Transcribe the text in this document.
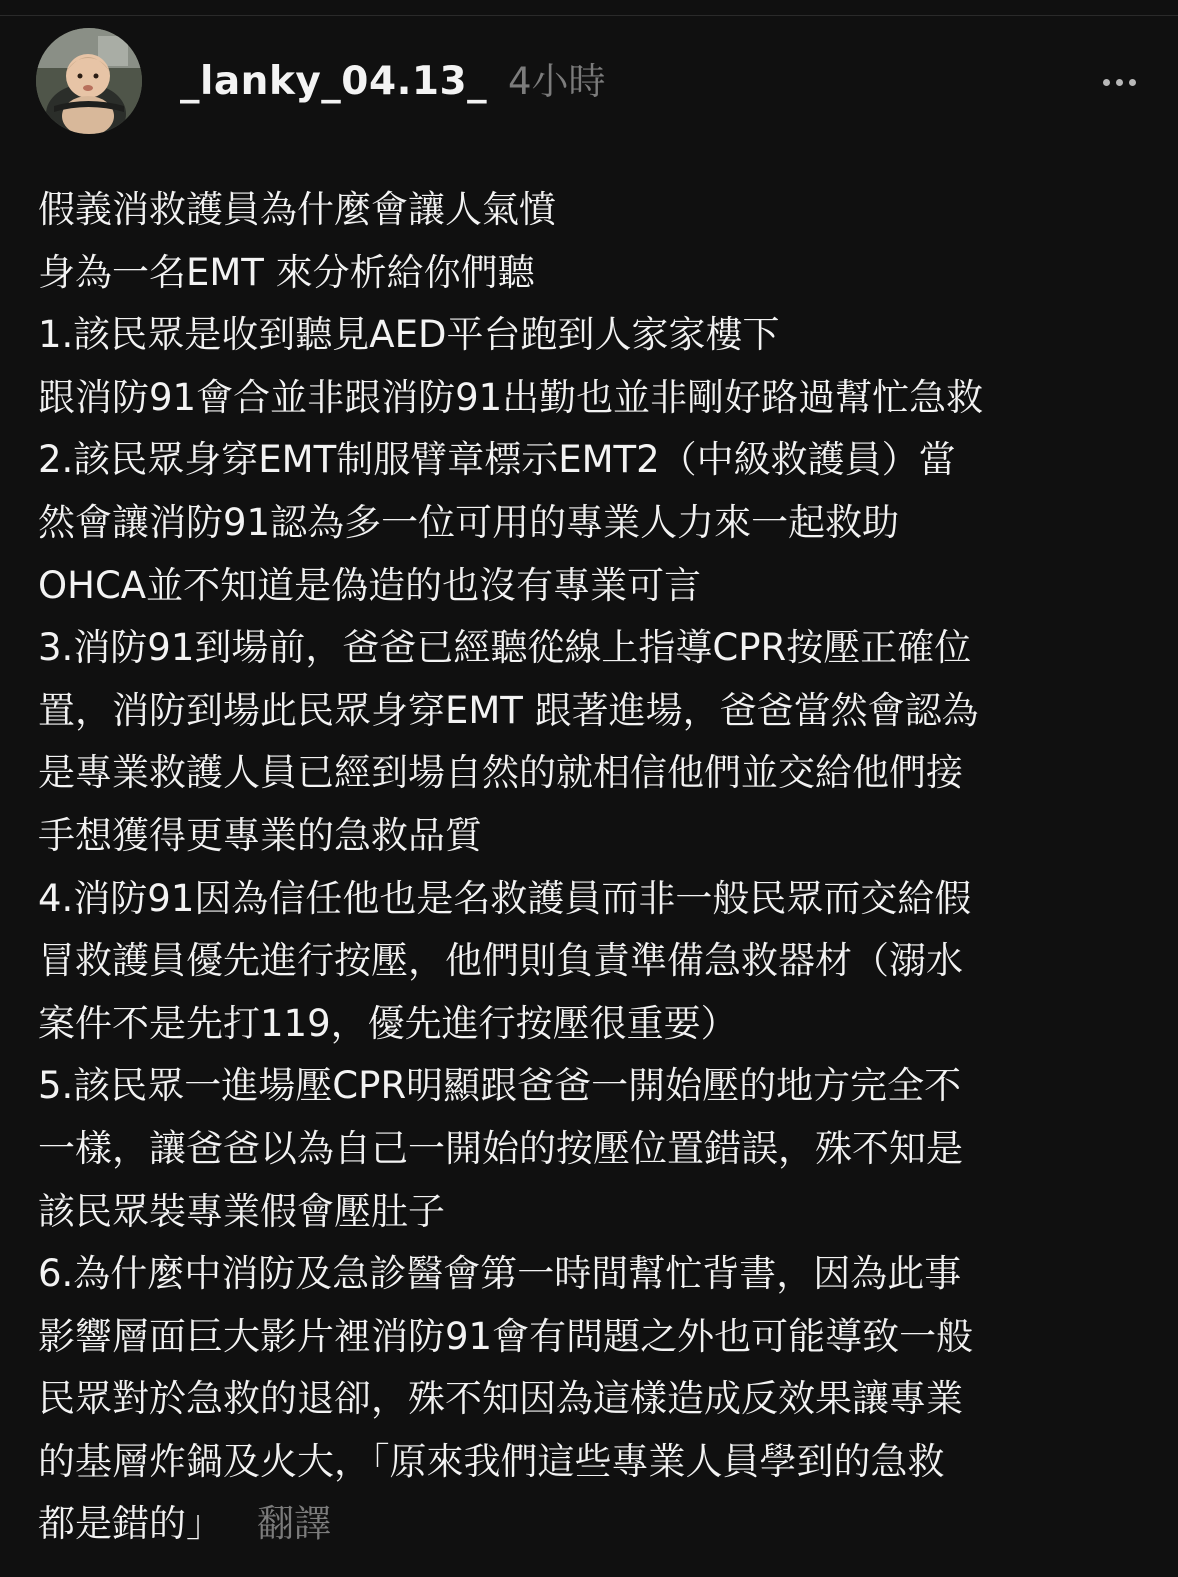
_lanky_04.13_ 4小時
假義消救護員為什麼會讓人氣憤
身為一名EMT 來分析給你們聽
1.該民眾是收到聽見AED平台跑到人家家樓下
跟消防91會合並非跟消防91出勤也並非剛好路過幫忙急救
2.該民眾身穿EMT制服臂章標示EMT2（中級救護員）當
然會讓消防91認為多一位可用的專業人力來一起救助
OHCA並不知道是偽造的也沒有專業可言
3.消防91到場前，爸爸已經聽從線上指導CPR按壓正確位
置，消防到場此民眾身穿EMT 跟著進場，爸爸當然會認為
是專業救護人員已經到場自然的就相信他們並交給他們接
手想獲得更專業的急救品質
4.消防91因為信任他也是名救護員而非一般民眾而交給假
冒救護員優先進行按壓，他們則負責準備急救器材（溺水
案件不是先打119，優先進行按壓很重要）
5.該民眾一進場壓CPR明顯跟爸爸一開始壓的地方完全不
一樣，讓爸爸以為自己一開始的按壓位置錯誤，殊不知是
該民眾裝專業假會壓肚子
6.為什麼中消防及急診醫會第一時間幫忙背書，因為此事
影響層面巨大影片裡消防91會有問題之外也可能導致一般
民眾對於急救的退卻，殊不知因為這樣造成反效果讓專業
的基層炸鍋及火大，「原來我們這些專業人員學到的急救
都是錯的」 翻譯
